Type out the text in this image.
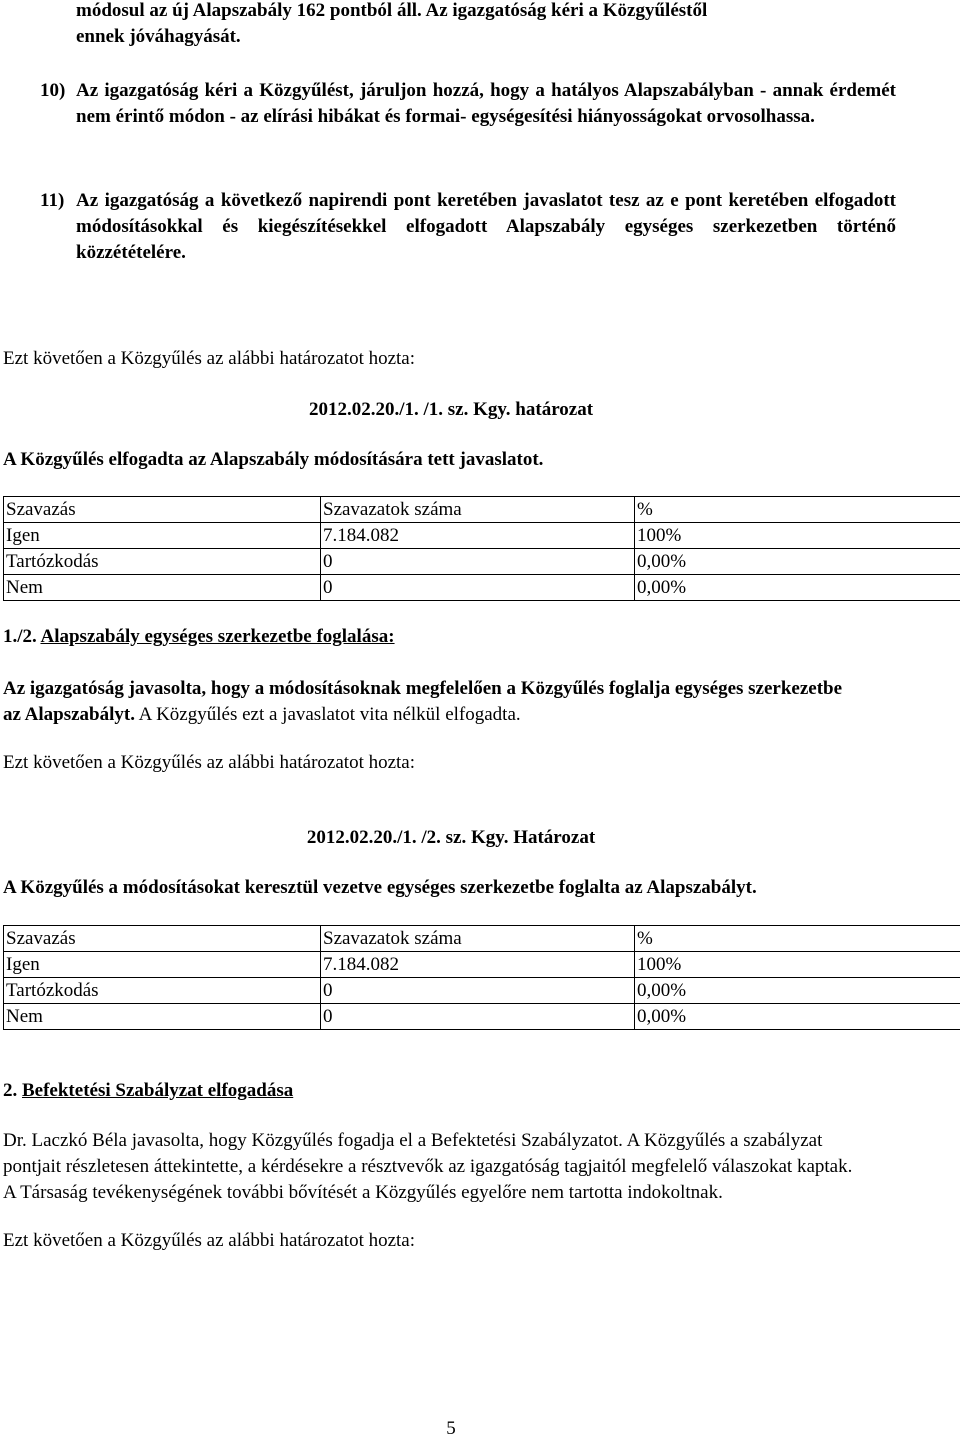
módosul az új Alapszabály 162 pontból áll. Az igazgatóság kéri a Közgyűléstől
ennek jóváhagyását.
10) Az igazgatóság kéri a Közgyűlést, járuljon hozzá, hogy a hatályos Alapszabályban - annak érdemét nem érintő módon - az elírási hibákat és formai- egységesítési hiányosságokat orvosolhassa.
11) Az igazgatóság a következő napirendi pont keretében javaslatot tesz az e pont keretében elfogadott módosításokkal és kiegészítésekkel elfogadott Alapszabály egységes szerkezetben történő közzétételére.
Ezt követően a Közgyűlés az alábbi határozatot hozta:
2012.02.20./1. /1. sz. Kgy. határozat
A Közgyűlés elfogadta az Alapszabály módosítására tett javaslatot.
Szavazás	Szavazatok száma	%
Igen	7.184.082	100%
Tartózkodás	0	0,00%
Nem	0	0,00%
1./2. Alapszabály egységes szerkezetbe foglalása:
Az igazgatóság javasolta, hogy a módosításoknak megfelelően a Közgyűlés foglalja egységes szerkezetbe az Alapszabályt. A Közgyűlés ezt a javaslatot vita nélkül elfogadta.
Ezt követően a Közgyűlés az alábbi határozatot hozta:
2012.02.20./1. /2. sz. Kgy. Határozat
A Közgyűlés a módosításokat keresztül vezetve egységes szerkezetbe foglalta az Alapszabályt.
Szavazás	Szavazatok száma	%
Igen	7.184.082	100%
Tartózkodás	0	0,00%
Nem	0	0,00%
2. Befektetési Szabályzat elfogadása
Dr. Laczkó Béla javasolta, hogy Közgyűlés fogadja el a Befektetési Szabályzatot. A Közgyűlés a szabályzat pontjait részletesen áttekintette, a kérdésekre a résztvevők az igazgatóság tagjaitól megfelelő válaszokat kaptak. A Társaság tevékenységének további bővítését a Közgyűlés egyelőre nem tartotta indokoltnak.
Ezt követően a Közgyűlés az alábbi határozatot hozta:
5
